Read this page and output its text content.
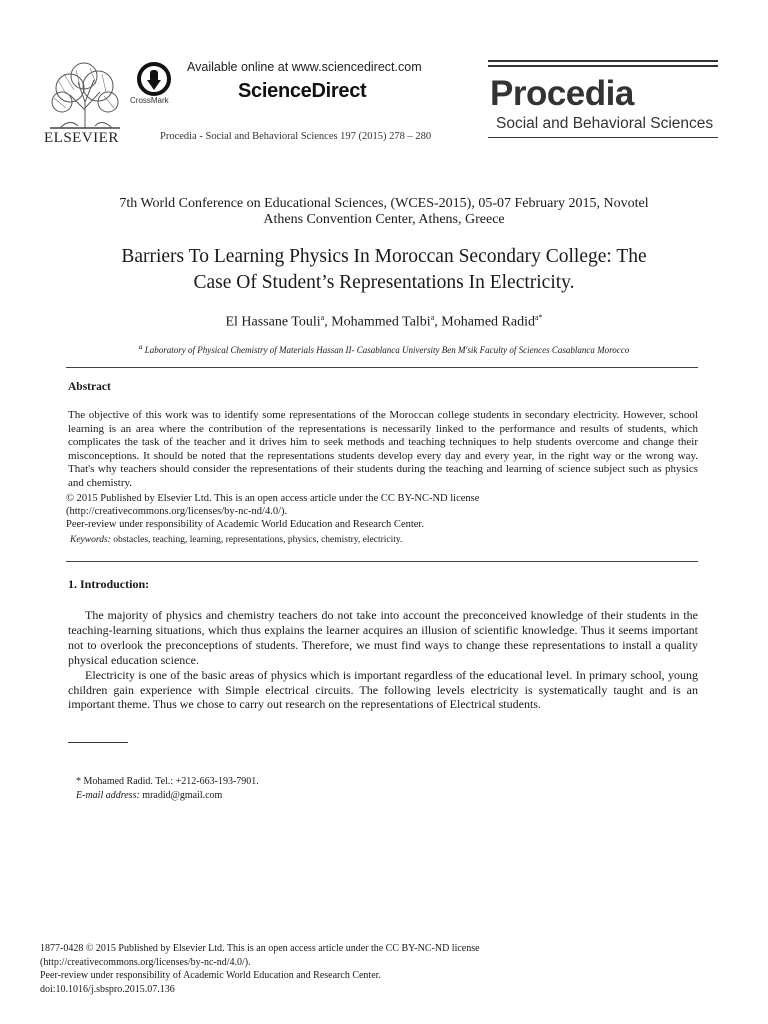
ELSEVIER
CrossMark
Available online at www.sciencedirect.com
ScienceDirect
Procedia - Social and Behavioral Sciences 197 (2015) 278 – 280
Procedia
Social and Behavioral Sciences
7th World Conference on Educational Sciences, (WCES-2015), 05-07 February 2015, Novotel
Athens Convention Center, Athens, Greece
Barriers To Learning Physics In Moroccan Secondary College: The
Case Of Student’s Representations In Electricity.
El Hassane Touli$^a$, Mohammed Talbi$^a$, Mohamed Radid$^{a*}$
$^a$ Laboratory of Physical Chemistry of Materials Hassan II- Casablanca University Ben M'sik Faculty of Sciences Casablanca Morocco
Abstract
The objective of this work was to identify some representations of the Moroccan college students in secondary electricity. However, school learning is an area where the contribution of the representations is necessarily linked to the performance and results of students, which complicates the task of the teacher and it drives him to seek methods and teaching techniques to help students overcome and change their misconceptions. It should be noted that the representations students develop every day and every year, in the right way or the wrong way. That's why teachers should consider the representations of their students during the teaching and learning of science subject such as physics and chemistry.
© 2015 Published by Elsevier Ltd. This is an open access article under the CC BY-NC-ND license
(http://creativecommons.org/licenses/by-nc-nd/4.0/).
Peer-review under responsibility of Academic World Education and Research Center.
Keywords: obstacles, teaching, learning, representations, physics, chemistry, electricity.
1. Introduction:

The majority of physics and chemistry teachers do not take into account the preconceived knowledge of their students in the teaching-learning situations, which thus explains the learner acquires an illusion of scientific knowledge. Thus it seems important not to overlook the preconceptions of students. Therefore, we must find ways to change these representations to install a quality physical education science.

Electricity is one of the basic areas of physics which is important regardless of the educational level. In primary school, young children gain experience with Simple electrical circuits. The following levels electricity is systematically taught and is an important theme. Thus we chose to carry out research on the representations of Electrical students.

* Mohamed Radid. Tel.: +212-663-193-7901.
E-mail address: mradid@gmail.com
1877-0428 © 2015 Published by Elsevier Ltd. This is an open access article under the CC BY-NC-ND license
(http://creativecommons.org/licenses/by-nc-nd/4.0/).
Peer-review under responsibility of Academic World Education and Research Center.
doi:10.1016/j.sbspro.2015.07.136
